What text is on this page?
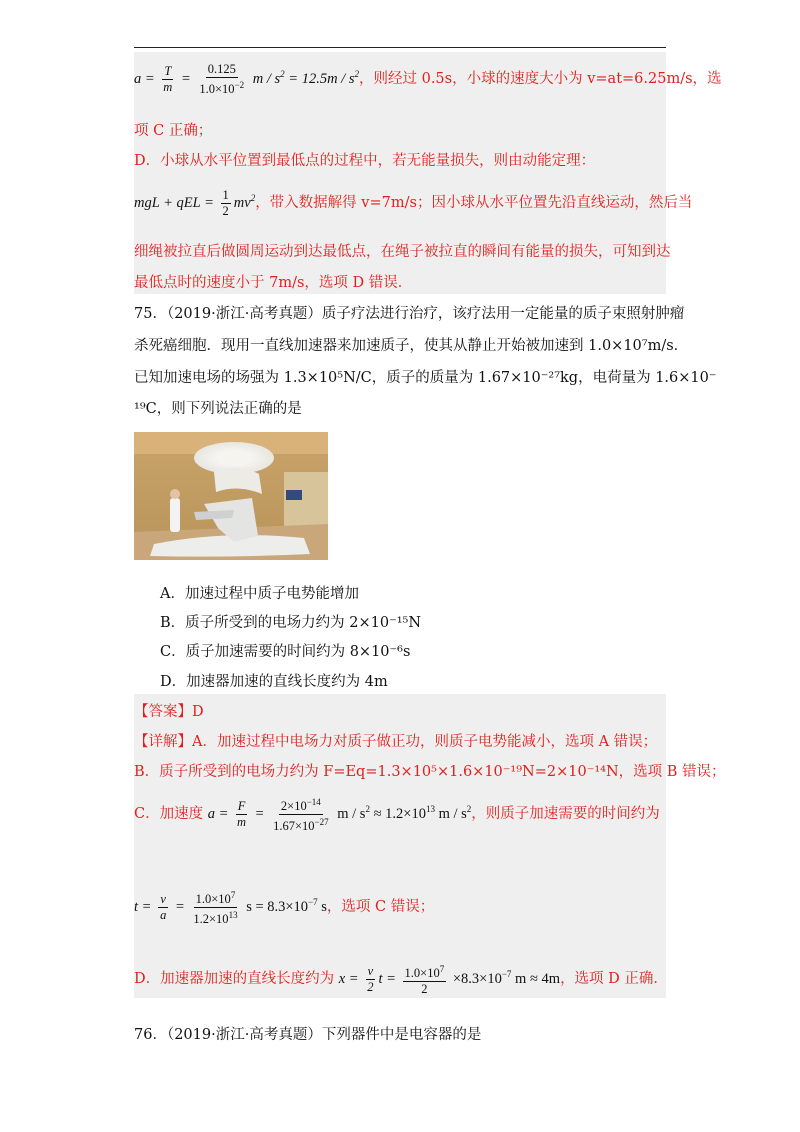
$a = \frac{T}{m} = \frac{0.125}{1.0\times 10^{-2}}$ $m / s^2 = 12.5m / s^2$，则经过 0.5s，小球的速度大小为 v=at=6.25m/s，选
项 C 正确；
D．小球从水平位置到最低点的过程中，若无能量损失，则由动能定理：
mgL + qEL = $\frac{1}{2} mv^2$，带入数据解得 v=7m/s；因小球从水平位置先沿直线运动，然后当
细绳被拉直后做圆周运动到达最低点，在绳子被拉直的瞬间有能量的损失，可知到达
最低点时的速度小于 7m/s，选项 D 错误．
75．（2019·浙江·高考真题）质子疗法进行治疗，该疗法用一定能量的质子束照射肿瘤
杀死癌细胞．现用一直线加速器来加速质子，使其从静止开始被加速到 1.0×10⁷m/s．
已知加速电场的场强为 1.3×10⁵N/C，质子的质量为 1.67×10⁻²⁷kg，电荷量为 1.6×10⁻
¹⁹C，则下列说法正确的是
A．加速过程中质子电势能增加
B．质子所受到的电场力约为 2×10⁻¹⁵N
C．质子加速需要的时间约为 8×10⁻⁶s
D．加速器加速的直线长度约为 4m
【答案】D
【详解】A．加速过程中电场力对质子做正功，则质子电势能减小，选项 A 错误；
B．质子所受到的电场力约为 F=Eq=1.3×10⁵×1.6×10⁻¹⁹N=2×10⁻¹⁴N，选项 B 错误；
C．加速度 $a = \frac{F}{m} = \frac{2\times 10^{-14}}{1.67\times 10^{-27}}$ $m / s^2 \approx 1.2\times 10^{13}$ m / $s^2$，则质子加速需要的时间约为
$t = \frac{v}{a} = \frac{1.0\times 10^7}{1.2\times 10^{13}}$ $s = 8.3\times 10^{-7}$ s，选项 C 错误；
D．加速器加速的直线长度约为 $x = \frac{v}{2}$ $t = \frac{1.0\times 10^7}{2} \times 8.3\times 10^{-7}$ m ≈ 4m，选项 D 正确．
76．（2019·浙江·高考真题）下列器件中是电容器的是
